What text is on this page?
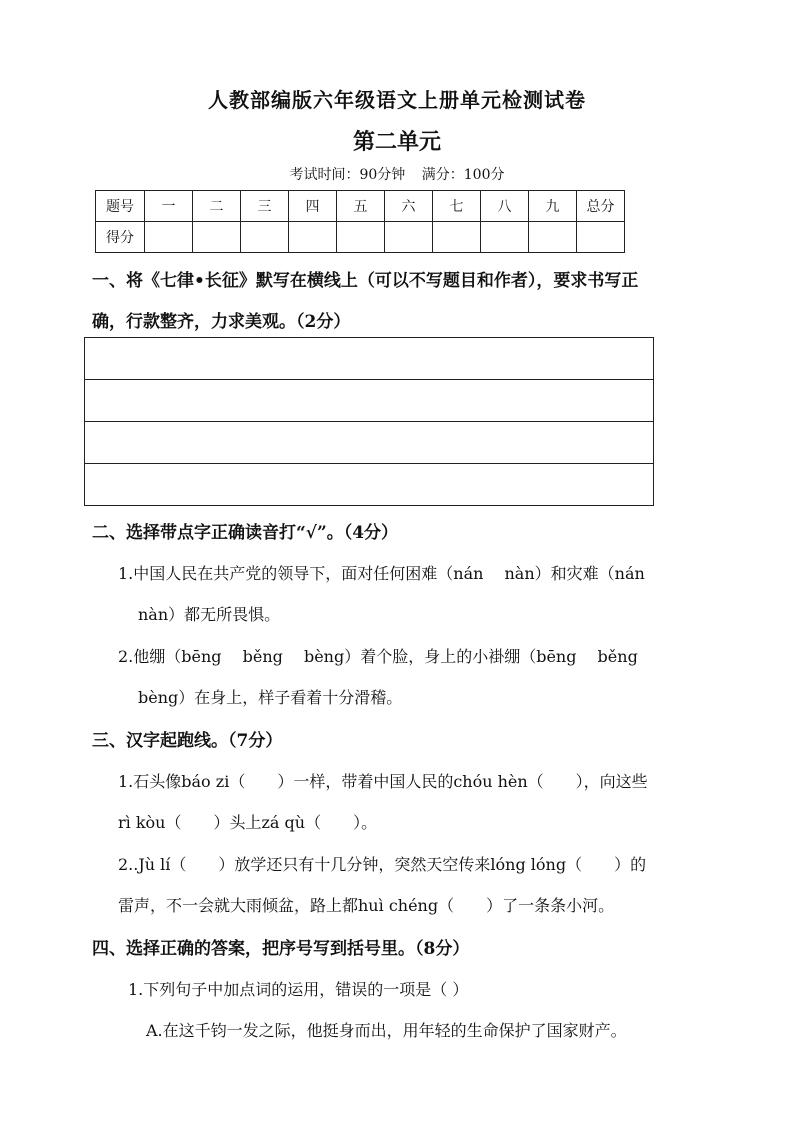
人教部编版六年级语文上册单元检测试卷
第二单元
考试时间：90分钟 满分：100分
题号	一	二	三	四	五	六	七	八	九	总分
得分										
一、将《七律•长征》默写在横线上（可以不写题目和作者），要求书写正
确，行款整齐，力求美观。（2分）
二、选择带点字正确读音打“√”。（4分）
1.中国人民在共产党的领导下，面对任何困难（nán　 nàn）和灾难（nán
nàn）都无所畏惧。
2.他绷（bēng　 běng　 bèng）着个脸，身上的小褂绷（bēng　 běng
bèng）在身上，样子看着十分滑稽。
三、汉字起跑线。（7分）
1.石头像báo zi（　　）一样，带着中国人民的chóu hèn（　　），向这些
rì kòu（　　）头上zá qù（　　）。
2..Jù lí（　　）放学还只有十几分钟，突然天空传来lóng lóng（　　）的
雷声，不一会就大雨倾盆，路上都huì chéng（　　）了一条条小河。
四、选择正确的答案，把序号写到括号里。（8分）
1.下列句子中加点词的运用，错误的一项是（ ）
A.在这千钧一发之际，他挺身而出，用年轻的生命保护了国家财产。
